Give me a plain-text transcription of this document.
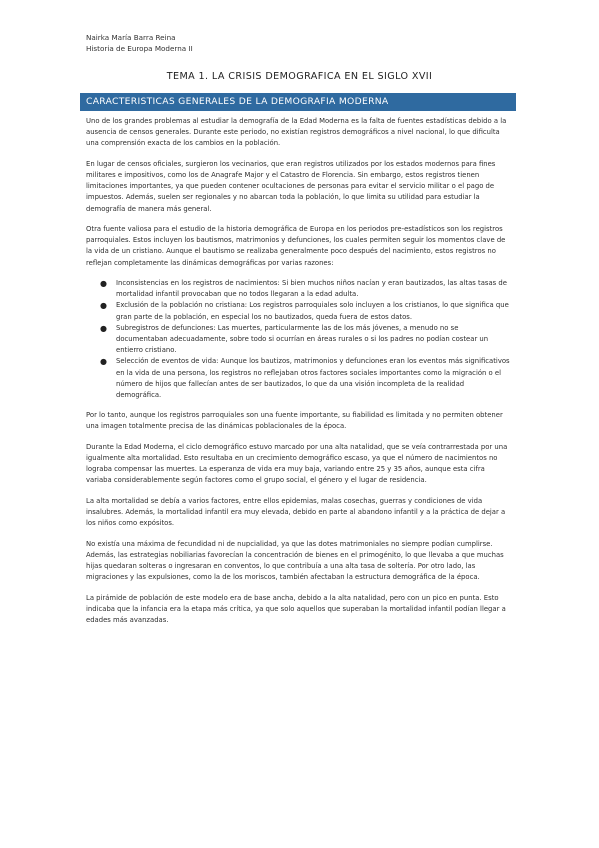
Nairka María Barra Reina
Historia de Europa Moderna II
TEMA 1. LA CRISIS DEMOGRAFICA EN EL SIGLO XVII
CARACTERISTICAS GENERALES DE LA DEMOGRAFIA MODERNA

Uno de los grandes problemas al estudiar la demografía de la Edad Moderna es la falta de fuentes estadísticas debido a la ausencia de censos generales. Durante este periodo, no existían registros demográficos a nivel nacional, lo que dificulta una comprensión exacta de los cambios en la población.

En lugar de censos oficiales, surgieron los vecinarios, que eran registros utilizados por los estados modernos para fines militares e impositivos, como los de Anagrafe Major y el Catastro de Florencia. Sin embargo, estos registros tienen limitaciones importantes, ya que pueden contener ocultaciones de personas para evitar el servicio militar o el pago de impuestos. Además, suelen ser regionales y no abarcan toda la población, lo que limita su utilidad para estudiar la demografía de manera más general.

Otra fuente valiosa para el estudio de la historia demográfica de Europa en los periodos pre-estadísticos son los registros parroquiales. Estos incluyen los bautismos, matrimonios y defunciones, los cuales permiten seguir los momentos clave de la vida de un cristiano. Aunque el bautismo se realizaba generalmente poco después del nacimiento, estos registros no reflejan completamente las dinámicas demográficas por varias razones:

● Inconsistencias en los registros de nacimientos: Si bien muchos niños nacían y eran bautizados, las altas tasas de mortalidad infantil provocaban que no todos llegaran a la edad adulta.
● Exclusión de la población no cristiana: Los registros parroquiales solo incluyen a los cristianos, lo que significa que gran parte de la población, en especial los no bautizados, queda fuera de estos datos.
● Subregistros de defunciones: Las muertes, particularmente las de los más jóvenes, a menudo no se documentaban adecuadamente, sobre todo si ocurrían en áreas rurales o si los padres no podían costear un entierro cristiano.
● Selección de eventos de vida: Aunque los bautizos, matrimonios y defunciones eran los eventos más significativos en la vida de una persona, los registros no reflejaban otros factores sociales importantes como la migración o el número de hijos que fallecían antes de ser bautizados, lo que da una visión incompleta de la realidad demográfica.

Por lo tanto, aunque los registros parroquiales son una fuente importante, su fiabilidad es limitada y no permiten obtener una imagen totalmente precisa de las dinámicas poblacionales de la época.

Durante la Edad Moderna, el ciclo demográfico estuvo marcado por una alta natalidad, que se veía contrarrestada por una igualmente alta mortalidad. Esto resultaba en un crecimiento demográfico escaso, ya que el número de nacimientos no lograba compensar las muertes. La esperanza de vida era muy baja, variando entre 25 y 35 años, aunque esta cifra variaba considerablemente según factores como el grupo social, el género y el lugar de residencia.

La alta mortalidad se debía a varios factores, entre ellos epidemias, malas cosechas, guerras y condiciones de vida insalubres. Además, la mortalidad infantil era muy elevada, debido en parte al abandono infantil y a la práctica de dejar a los niños como expósitos.

No existía una máxima de fecundidad ni de nupcialidad, ya que las dotes matrimoniales no siempre podían cumplirse. Además, las estrategias nobiliarias favorecían la concentración de bienes en el primogénito, lo que llevaba a que muchas hijas quedaran solteras o ingresaran en conventos, lo que contribuía a una alta tasa de soltería. Por otro lado, las migraciones y las expulsiones, como la de los moriscos, también afectaban la estructura demográfica de la época.

La pirámide de población de este modelo era de base ancha, debido a la alta natalidad, pero con un pico en punta. Esto indicaba que la infancia era la etapa más crítica, ya que solo aquellos que superaban la mortalidad infantil podían llegar a edades más avanzadas.
